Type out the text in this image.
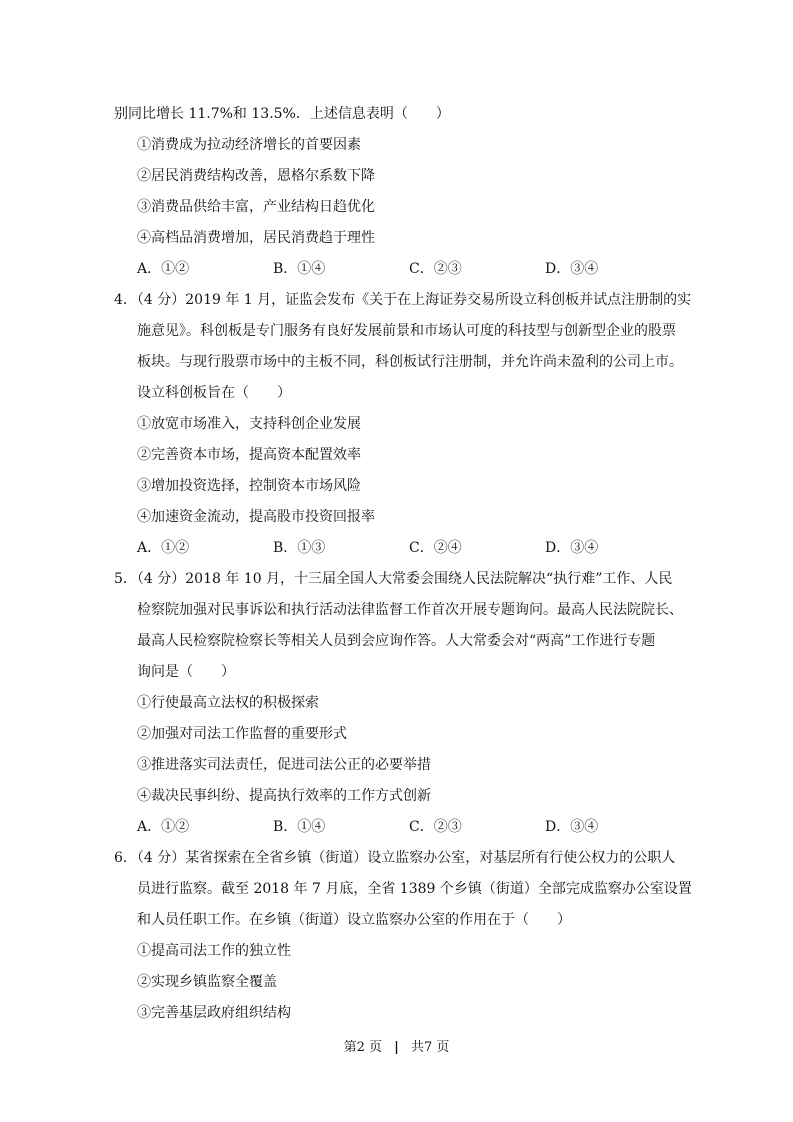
别同比增长 11.7%和 13.5%．上述信息表明（　　）
①消费成为拉动经济增长的首要因素
②居民消费结构改善，恩格尔系数下降
③消费品供给丰富，产业结构日趋优化
④高档品消费增加，居民消费趋于理性
A．①②	B．①④	C．②③	D．③④
4．（4 分）2019 年 1 月，证监会发布《关于在上海证券交易所设立科创板并试点注册制的实
施意见》。科创板是专门服务有良好发展前景和市场认可度的科技型与创新型企业的股票
板块。与现行股票市场中的主板不同，科创板试行注册制，并允许尚未盈利的公司上市。
设立科创板旨在（　　）
①放宽市场准入，支持科创企业发展
②完善资本市场，提高资本配置效率
③增加投资选择，控制资本市场风险
④加速资金流动，提高股市投资回报率
A．①②	B．①③	C．②④	D．③④
5．（4 分）2018 年 10 月，十三届全国人大常委会围绕人民法院解决“执行难”工作、人民
检察院加强对民事诉讼和执行活动法律监督工作首次开展专题询问。最高人民法院院长、
最高人民检察院检察长等相关人员到会应询作答。人大常委会对“两高”工作进行专题
询问是（　　）
①行使最高立法权的积极探索
②加强对司法工作监督的重要形式
③推进落实司法责任，促进司法公正的必要举措
④裁决民事纠纷、提高执行效率的工作方式创新
A．①②	B．①④	C．②③	D．③④
6．（4 分）某省探索在全省乡镇（街道）设立监察办公室，对基层所有行使公权力的公职人
员进行监察。截至 2018 年 7 月底，全省 1389 个乡镇（街道）全部完成监察办公室设置
和人员任职工作。在乡镇（街道）设立监察办公室的作用在于（　　）
①提高司法工作的独立性
②实现乡镇监察全覆盖
③完善基层政府组织结构
第2 页 | 共7 页
